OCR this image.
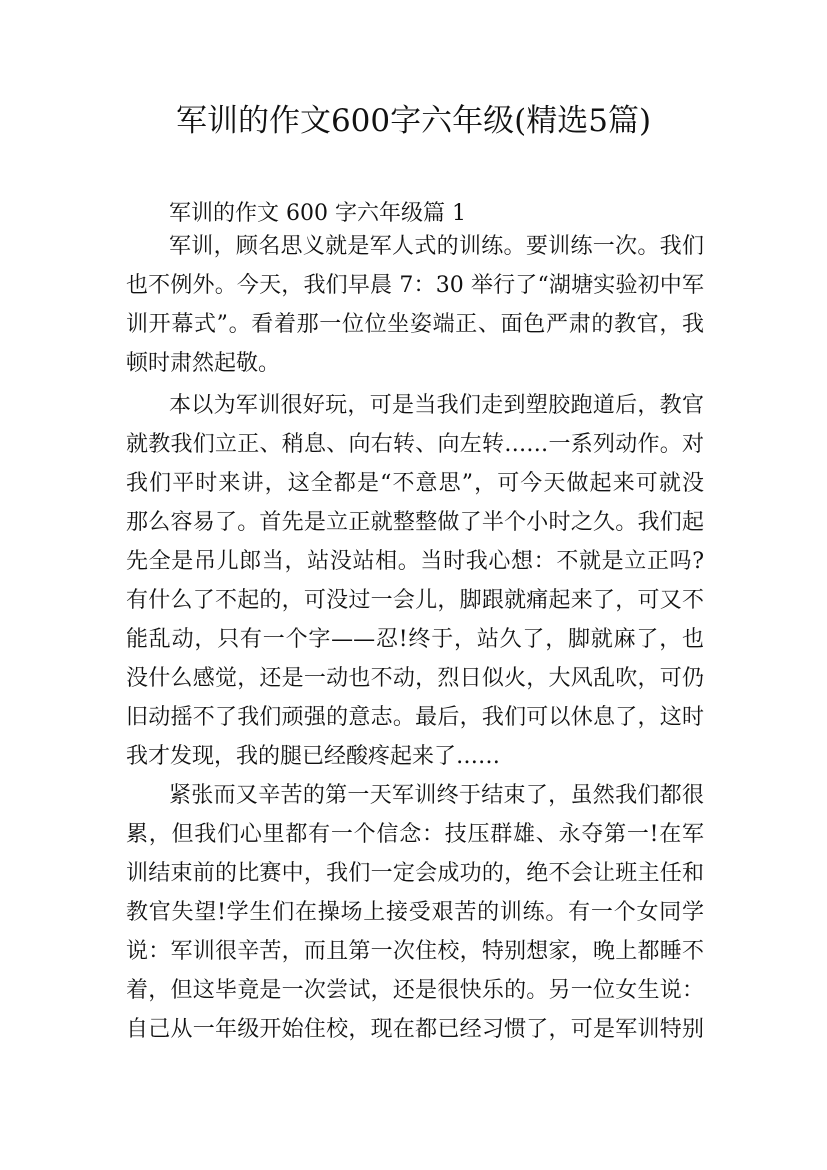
军训的作文600字六年级(精选5篇)
军训的作文 600 字六年级篇 1
军训，顾名思义就是军人式的训练。要训练一次。我们
也不例外。今天，我们早晨 7：30 举行了“湖塘实验初中军
训开幕式”。看着那一位位坐姿端正、面色严肃的教官，我
顿时肃然起敬。
本以为军训很好玩，可是当我们走到塑胶跑道后，教官
就教我们立正、稍息、向右转、向左转……一系列动作。对
我们平时来讲，这全都是“不意思”，可今天做起来可就没
那么容易了。首先是立正就整整做了半个小时之久。我们起
先全是吊儿郎当，站没站相。当时我心想：不就是立正吗?
有什么了不起的，可没过一会儿，脚跟就痛起来了，可又不
能乱动，只有一个字——忍!终于，站久了，脚就麻了，也
没什么感觉，还是一动也不动，烈日似火，大风乱吹，可仍
旧动摇不了我们顽强的意志。最后，我们可以休息了，这时
我才发现，我的腿已经酸疼起来了……
紧张而又辛苦的第一天军训终于结束了，虽然我们都很
累，但我们心里都有一个信念：技压群雄、永夺第一!在军
训结束前的比赛中，我们一定会成功的，绝不会让班主任和
教官失望!学生们在操场上接受艰苦的训练。有一个女同学
说：军训很辛苦，而且第一次住校，特别想家，晚上都睡不
着，但这毕竟是一次尝试，还是很快乐的。另一位女生说：
自己从一年级开始住校，现在都已经习惯了，可是军训特别
